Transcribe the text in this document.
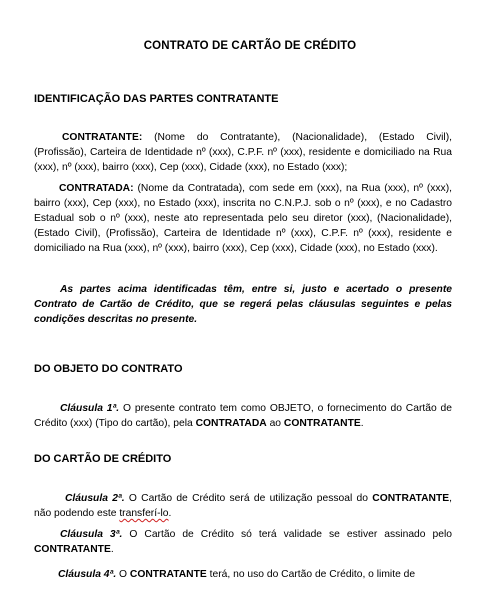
CONTRATO DE CARTÃO DE CRÉDITO
IDENTIFICAÇÃO DAS PARTES CONTRATANTE
CONTRATANTE: (Nome do Contratante), (Nacionalidade), (Estado Civil), (Profissão), Carteira de Identidade nº (xxx), C.P.F. nº (xxx), residente e domiciliado na Rua (xxx), nº (xxx), bairro (xxx), Cep (xxx), Cidade (xxx), no Estado (xxx);
CONTRATADA: (Nome da Contratada), com sede em (xxx), na Rua (xxx), nº (xxx), bairro (xxx), Cep (xxx), no Estado (xxx), inscrita no C.N.P.J. sob o nº (xxx), e no Cadastro Estadual sob o nº (xxx), neste ato representada pelo seu diretor (xxx), (Nacionalidade), (Estado Civil), (Profissão), Carteira de Identidade nº (xxx), C.P.F. nº (xxx), residente e domiciliado na Rua (xxx), nº (xxx), bairro (xxx), Cep (xxx), Cidade (xxx), no Estado (xxx).
As partes acima identificadas têm, entre si, justo e acertado o presente Contrato de Cartão de Crédito, que se regerá pelas cláusulas seguintes e pelas condições descritas no presente.
DO OBJETO DO CONTRATO
Cláusula 1ª. O presente contrato tem como OBJETO, o fornecimento do Cartão de Crédito (xxx) (Tipo do cartão), pela CONTRATADA ao CONTRATANTE.
DO CARTÃO DE CRÉDITO
Cláusula 2ª. O Cartão de Crédito será de utilização pessoal do CONTRATANTE, não podendo este transferí-lo.
Cláusula 3ª. O Cartão de Crédito só terá validade se estiver assinado pelo CONTRATANTE.
Cláusula 4ª. O CONTRATANTE terá, no uso do Cartão de Crédito, o limite de
